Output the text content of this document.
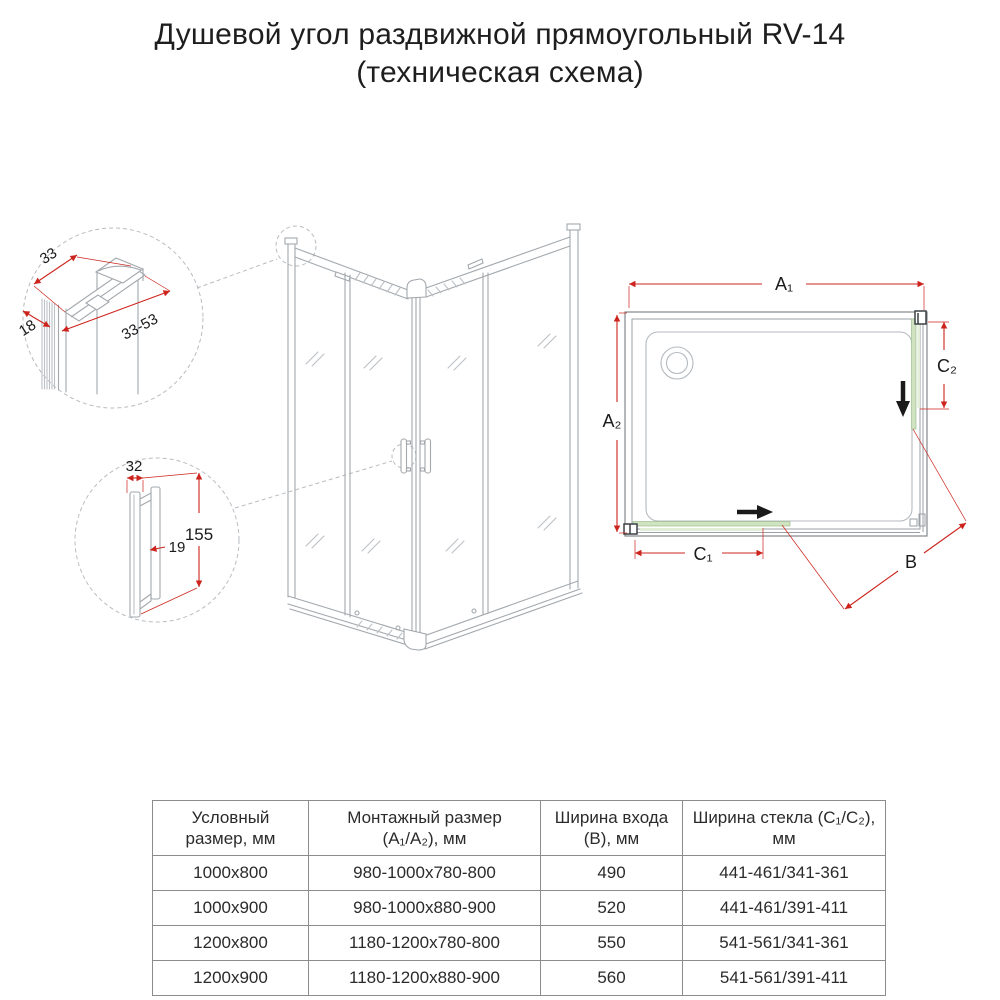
Душевой угол раздвижной прямоугольный RV-14

(техническая схема)

33
18	33-53
32
155
19
A₁
A₂
C₂
C₁	B
Условный размер, мм	Монтажный размер (A₁/A₂), мм	Ширина входа (B), мм	Ширина стекла (C₁/C₂), мм
1000x800	980-1000x780-800	490	441-461/341-361
1000x900	980-1000x880-900	520	441-461/391-411
1200x800	1180-1200x780-800	550	541-561/341-361
1200x900	1180-1200x880-900	560	541-561/391-411
